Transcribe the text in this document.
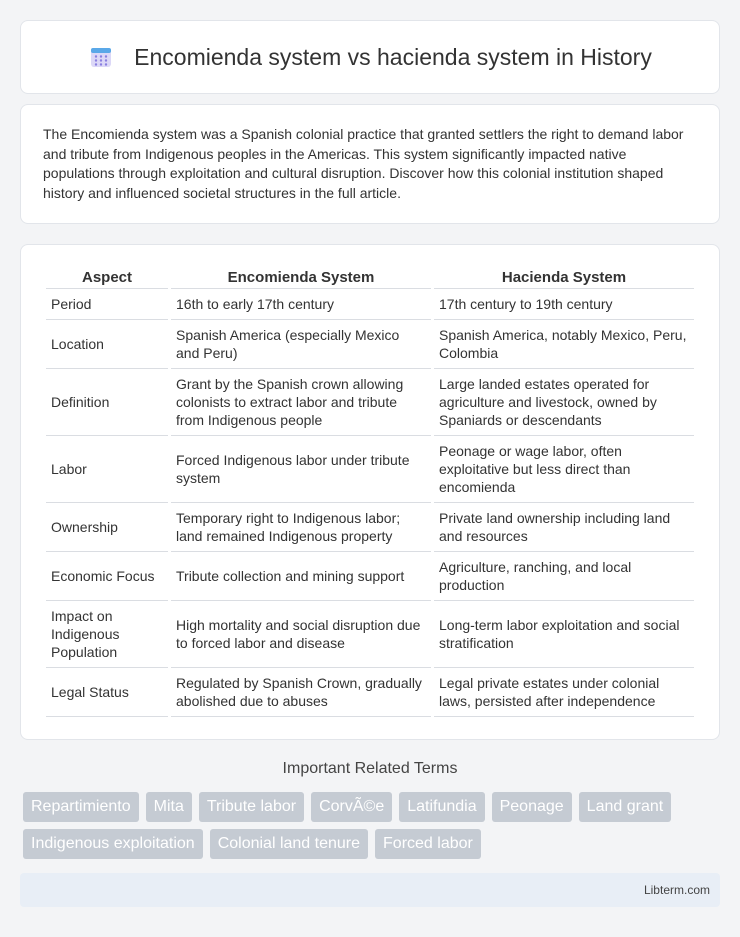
Encomienda system vs hacienda system in History

The Encomienda system was a Spanish colonial practice that granted settlers the right to demand labor and tribute from Indigenous peoples in the Americas. This system significantly impacted native populations through exploitation and cultural disruption. Discover how this colonial institution shaped history and influenced societal structures in the full article.

Aspect	Encomienda System	Hacienda System
Period	16th to early 17th century	17th century to 19th century
Location	Spanish America (especially Mexico and Peru)	Spanish America, notably Mexico, Peru, Colombia
Definition	Grant by the Spanish crown allowing colonists to extract labor and tribute from Indigenous people	Large landed estates operated for agriculture and livestock, owned by Spaniards or descendants
Labor	Forced Indigenous labor under tribute system	Peonage or wage labor, often exploitative but less direct than encomienda
Ownership	Temporary right to Indigenous labor; land remained Indigenous property	Private land ownership including land and resources
Economic Focus	Tribute collection and mining support	Agriculture, ranching, and local production
Impact on Indigenous Population	High mortality and social disruption due to forced labor and disease	Long-term labor exploitation and social stratification
Legal Status	Regulated by Spanish Crown, gradually abolished due to abuses	Legal private estates under colonial laws, persisted after independence
Important Related Terms
Repartimiento	Mita	Tribute labor	CorvÃ©e	Latifundia	Peonage	Land grant
Indigenous exploitation	Colonial land tenure	Forced labor
Libterm.com
